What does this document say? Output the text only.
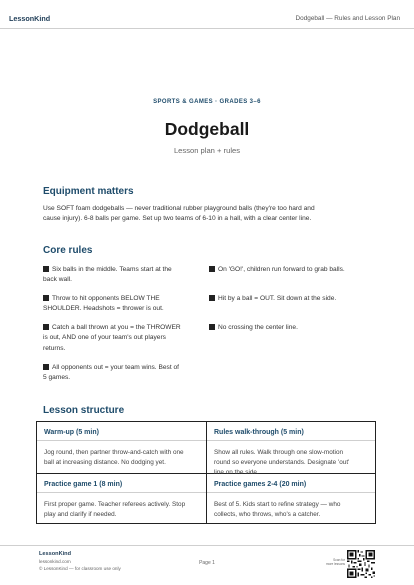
LessonKind	Dodgeball — Rules and Lesson Plan
SPORTS & GAMES · GRADES 3–6
Dodgeball
Lesson plan + rules
Equipment matters
Use SOFT foam dodgeballs — never traditional rubber playground balls (they're too hard and
cause injury). 6-8 balls per game. Set up two teams of 6-10 in a hall, with a clear center line.
Core rules
Six balls in the middle. Teams start at the
back wall.
Throw to hit opponents BELOW THE
SHOULDER. Headshots = thrower is out.
Catch a ball thrown at you = the THROWER
is out, AND one of your team's out players
returns.
All opponents out = your team wins. Best of
5 games.
On 'GO!', children run forward to grab balls.
Hit by a ball = OUT. Sit down at the side.
No crossing the center line.
Lesson structure
Warm-up (5 min)
Jog round, then partner throw-and-catch with one
ball at increasing distance. No dodging yet.
Rules walk-through (5 min)
Show all rules. Walk through one slow-motion
round so everyone understands. Designate 'out'
line on the side.
Practice game 1 (8 min)
First proper game. Teacher referees actively. Stop
play and clarify if needed.
Practice games 2-4 (20 min)
Best of 5. Kids start to refine strategy — who
collects, who throws, who's a catcher.
LessonKind
lessonkind.com
© LessonKind — for classroom use only
Page 1	Scan for
more lessons
